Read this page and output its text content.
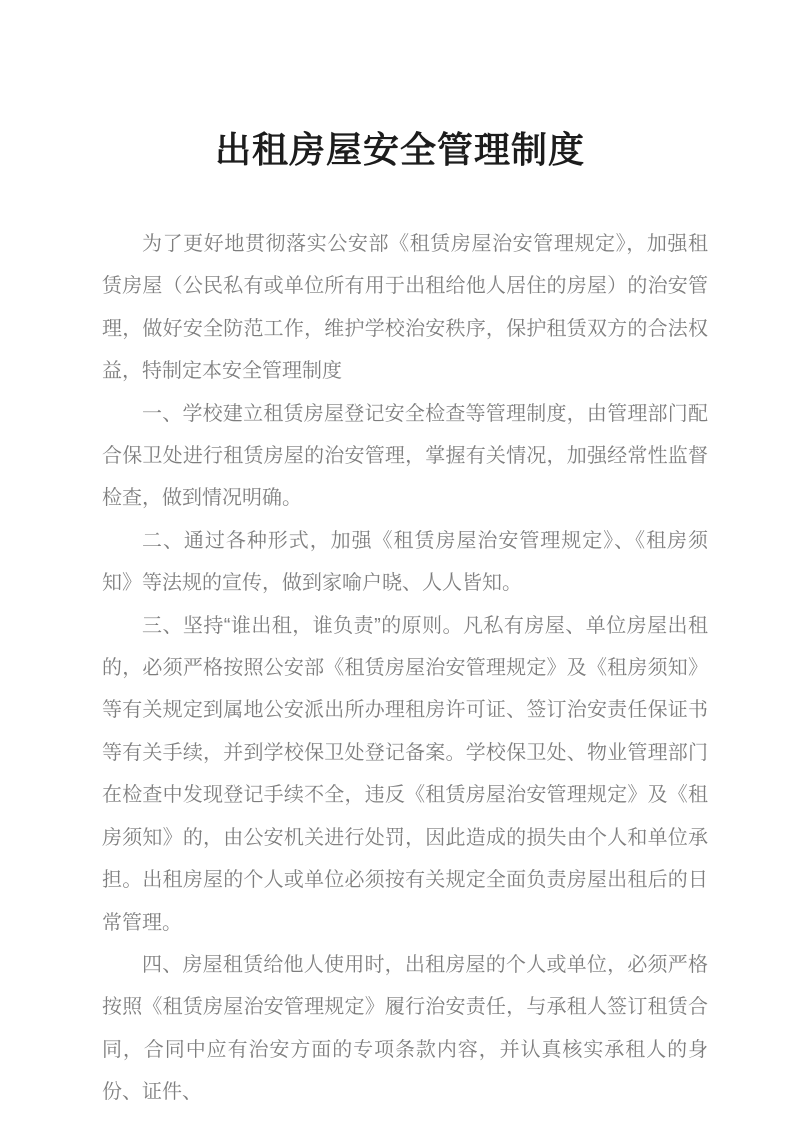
出租房屋安全管理制度

为了更好地贯彻落实公安部《租赁房屋治安管理规定》，加强租赁房屋（公民私有或单位所有用于出租给他人居住的房屋）的治安管理，做好安全防范工作，维护学校治安秩序，保护租赁双方的合法权益，特制定本安全管理制度

一、学校建立租赁房屋登记安全检查等管理制度，由管理部门配合保卫处进行租赁房屋的治安管理，掌握有关情况，加强经常性监督检查，做到情况明确。

二、通过各种形式，加强《租赁房屋治安管理规定》、《租房须知》等法规的宣传，做到家喻户晓、人人皆知。

三、坚持“谁出租，谁负责”的原则。凡私有房屋、单位房屋出租的，必须严格按照公安部《租赁房屋治安管理规定》及《租房须知》等有关规定到属地公安派出所办理租房许可证、签订治安责任保证书等有关手续，并到学校保卫处登记备案。学校保卫处、物业管理部门在检查中发现登记手续不全，违反《租赁房屋治安管理规定》及《租房须知》的，由公安机关进行处罚，因此造成的损失由个人和单位承担。出租房屋的个人或单位必须按有关规定全面负责房屋出租后的日常管理。

四、房屋租赁给他人使用时，出租房屋的个人或单位，必须严格按照《租赁房屋治安管理规定》履行治安责任，与承租人签订租赁合同，合同中应有治安方面的专项条款内容，并认真核实承租人的身份、证件、
